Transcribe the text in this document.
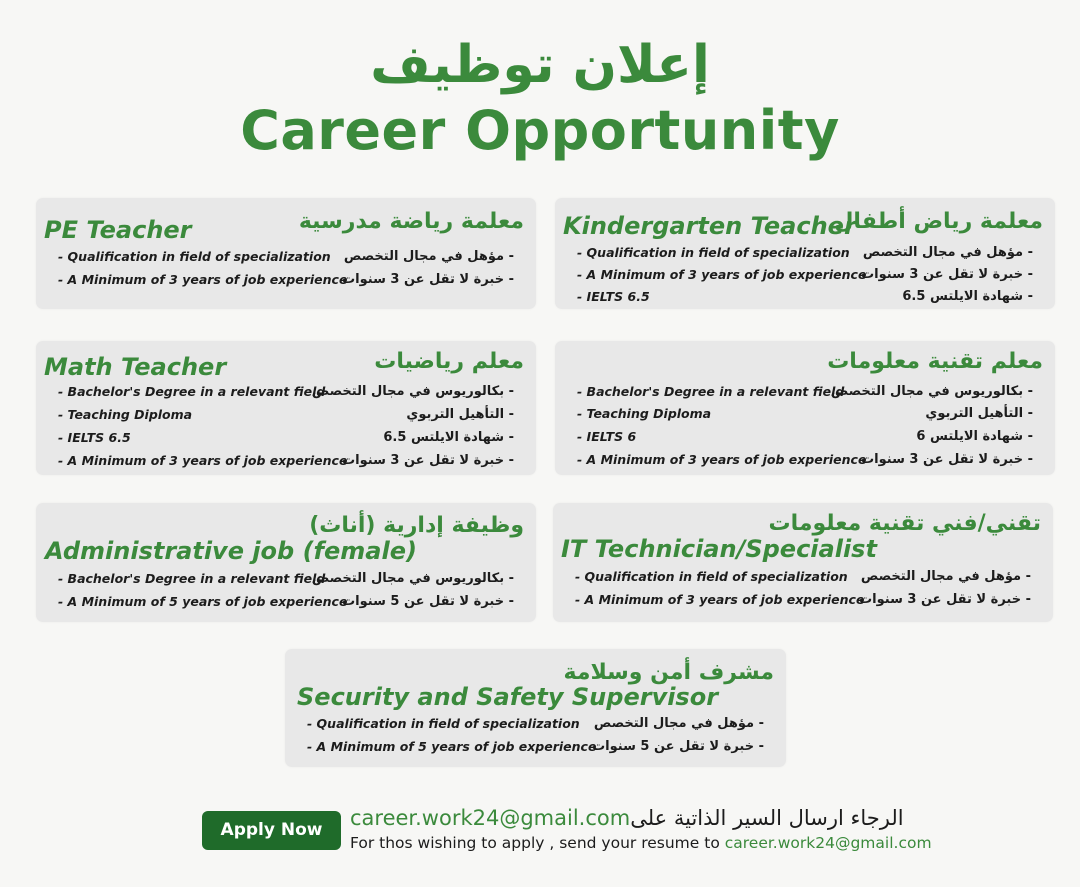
إعلان توظيف
Career Opportunity
معلمة رياضة مدرسية
PE Teacher
- Qualification in field of specialization - مؤهل في مجال التخصص
- A Minimum of 3 years of job experience
- خبرة لا تقل عن 3 سنوات
معلمة رياض أطفال
Kindergarten Teacher
- Qualification in field of specialization - مؤهل في مجال التخصص
- A Minimum of 3 years of job experience
- خبرة لا تقل عن 3 سنوات
- IELTS 6.5	- شهادة الايلتس 6.5
معلم رياضيات
Math Teacher
- Bachelor's Degree in a relevant field
- بكالوريوس في مجال التخصص
- Teaching Diploma	- التأهيل التربوي
- IELTS 6.5	- شهادة الايلتس 6.5
- A Minimum of 3 years of job experience
- خبرة لا تقل عن 3 سنوات
معلم تقنية معلومات
- Bachelor's Degree in a relevant field
- بكالوريوس في مجال التخصص
- Teaching Diploma	- التأهيل التربوي
- IELTS 6	- شهادة الايلتس 6
- A Minimum of 3 years of job experience
- خبرة لا تقل عن 3 سنوات
وظيفة إدارية (أناث)
Administrative job (female)
- Bachelor's Degree in a relevant field
- بكالوريوس في مجال التخصص
- A Minimum of 5 years of job experience
- خبرة لا تقل عن 5 سنوات
تقني/فني تقنية معلومات
IT Technician/Specialist
- Qualification in field of specialization - مؤهل في مجال التخصص
- A Minimum of 3 years of job experience
- خبرة لا تقل عن 3 سنوات
مشرف أمن وسلامة
Security and Safety Supervisor
- Qualification in field of specialization - مؤهل في مجال التخصص
- A Minimum of 5 years of job experience
- خبرة لا تقل عن 5 سنوات
Apply Now	career.work24@gmail.comالرجاء ارسال السير الذاتية على
For thos wishing to apply , send your resume to career.work24@gmail.com
